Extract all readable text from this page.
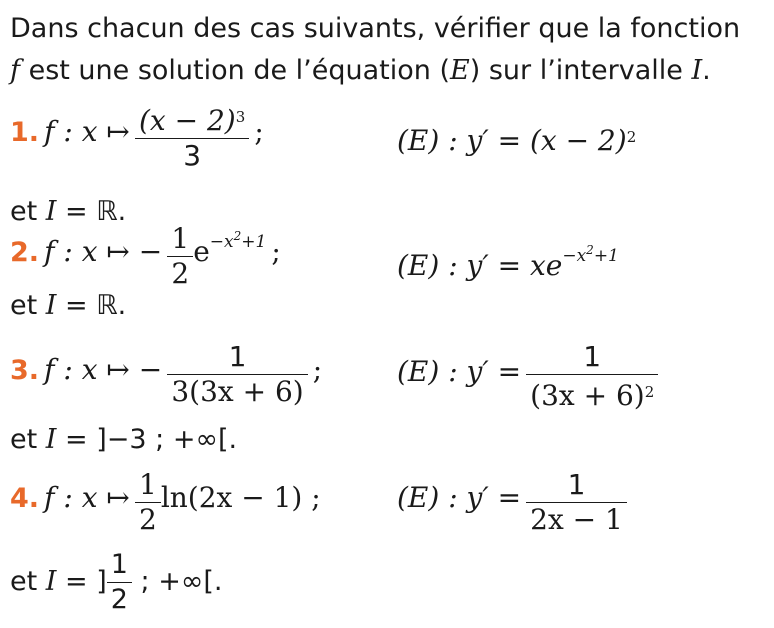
Dans chacun des cas suivants, vérifier que la fonction
f est une solution de l’équation (E) sur l’intervalle I.
1. f : x ↦ $\frac{(x - 2)^3}{3}$ ;	(E) : $y' = (x - 2)^2$
et I = ℝ.
2. f : x ↦ − $\frac{1}{2} e-x^2+1$ ;	(E) : $y' = xe^{-x^2+1}$
et I = ℝ.
3. f : x ↦ − $\frac{1}{3(3x + 6)}$ ;	(E) : $y' = \frac{1}{(3x + 6)^2}$
et I = ]−3 ; +∞[.
4. f : x ↦ $\frac{1}{2} \ln(2x - 1)$ ;	(E) : $y' = \frac{1}{2x - 1}$
et I = ] $\frac{1}{2}$ ; +∞[.
